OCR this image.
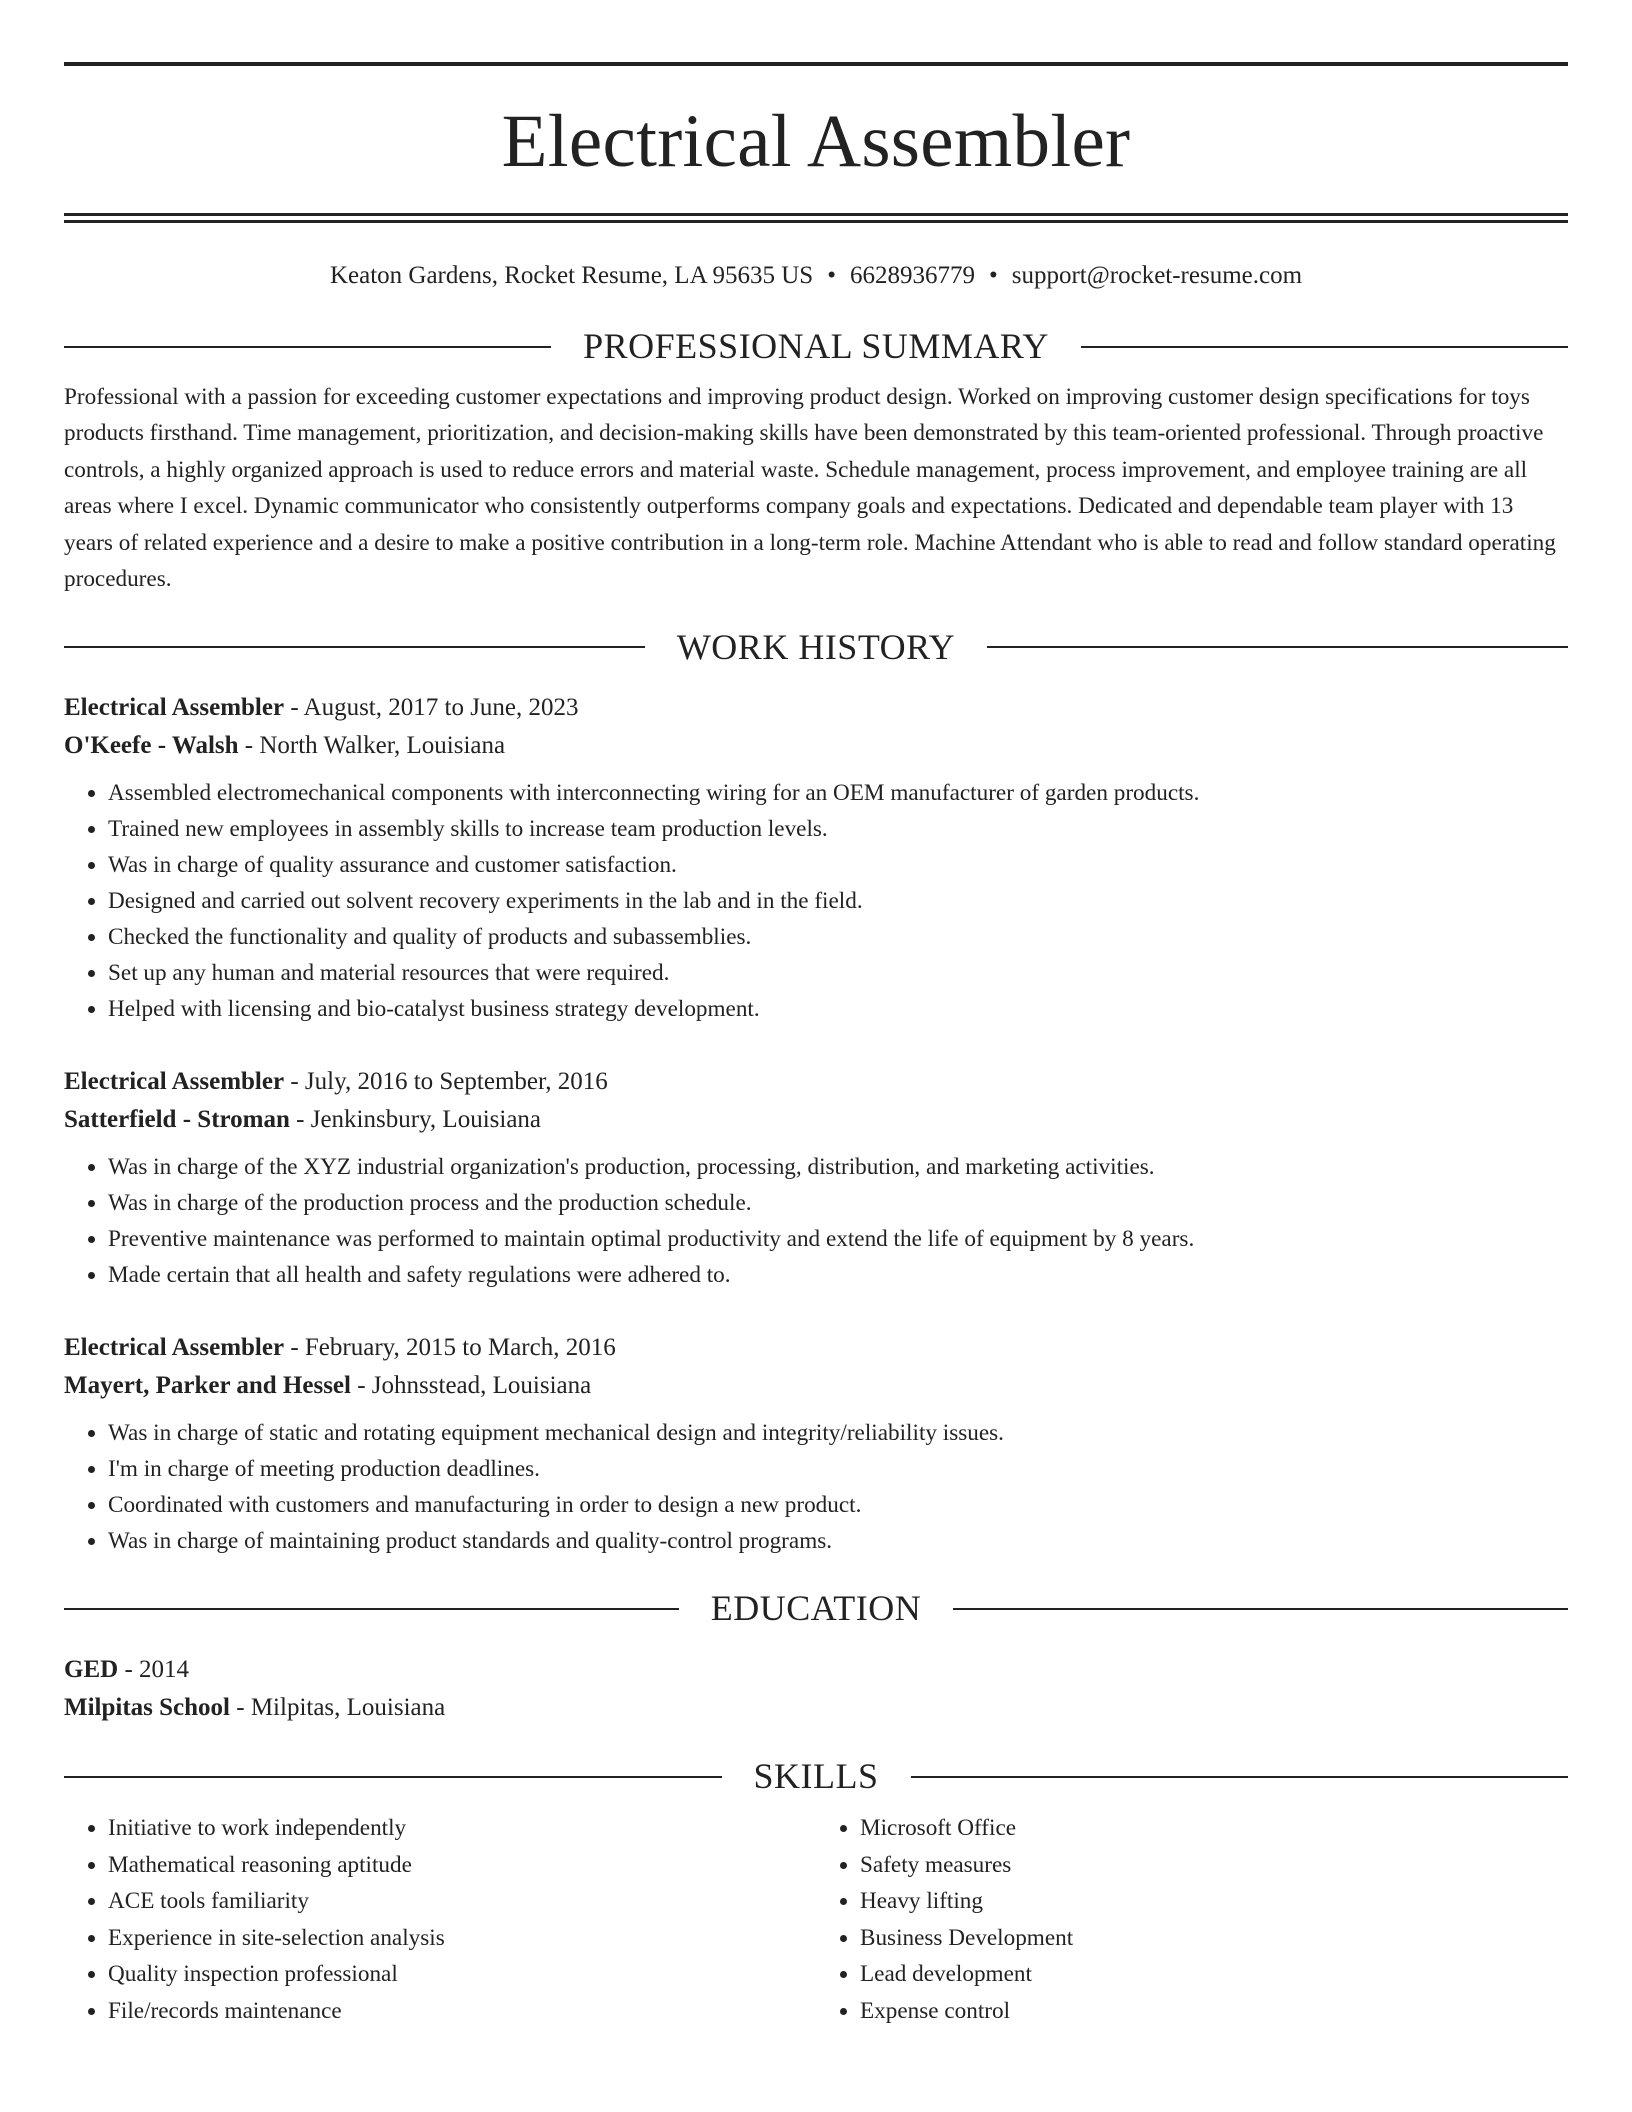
Electrical Assembler
Keaton Gardens, Rocket Resume, LA 95635 US • 6628936779 • support@rocket-resume.com
PROFESSIONAL SUMMARY
Professional with a passion for exceeding customer expectations and improving product design. Worked on improving customer design specifications for toys products firsthand. Time management, prioritization, and decision-making skills have been demonstrated by this team-oriented professional. Through proactive controls, a highly organized approach is used to reduce errors and material waste. Schedule management, process improvement, and employee training are all areas where I excel. Dynamic communicator who consistently outperforms company goals and expectations. Dedicated and dependable team player with 13 years of related experience and a desire to make a positive contribution in a long-term role. Machine Attendant who is able to read and follow standard operating procedures.
WORK HISTORY
Electrical Assembler - August, 2017 to June, 2023
O'Keefe - Walsh - North Walker, Louisiana
• Assembled electromechanical components with interconnecting wiring for an OEM manufacturer of garden products.
• Trained new employees in assembly skills to increase team production levels.
• Was in charge of quality assurance and customer satisfaction.
• Designed and carried out solvent recovery experiments in the lab and in the field.
• Checked the functionality and quality of products and subassemblies.
• Set up any human and material resources that were required.
• Helped with licensing and bio-catalyst business strategy development.
Electrical Assembler - July, 2016 to September, 2016
Satterfield - Stroman - Jenkinsbury, Louisiana
• Was in charge of the XYZ industrial organization's production, processing, distribution, and marketing activities.
• Was in charge of the production process and the production schedule.
• Preventive maintenance was performed to maintain optimal productivity and extend the life of equipment by 8 years.
• Made certain that all health and safety regulations were adhered to.
Electrical Assembler - February, 2015 to March, 2016
Mayert, Parker and Hessel - Johnsstead, Louisiana
• Was in charge of static and rotating equipment mechanical design and integrity/reliability issues.
• I'm in charge of meeting production deadlines.
• Coordinated with customers and manufacturing in order to design a new product.
• Was in charge of maintaining product standards and quality-control programs.
EDUCATION
GED - 2014
Milpitas School - Milpitas, Louisiana
SKILLS
• Initiative to work independently
• Mathematical reasoning aptitude
• ACE tools familiarity
• Experience in site-selection analysis
• Quality inspection professional
• File/records maintenance
• Microsoft Office
• Safety measures
• Heavy lifting
• Business Development
• Lead development
• Expense control
